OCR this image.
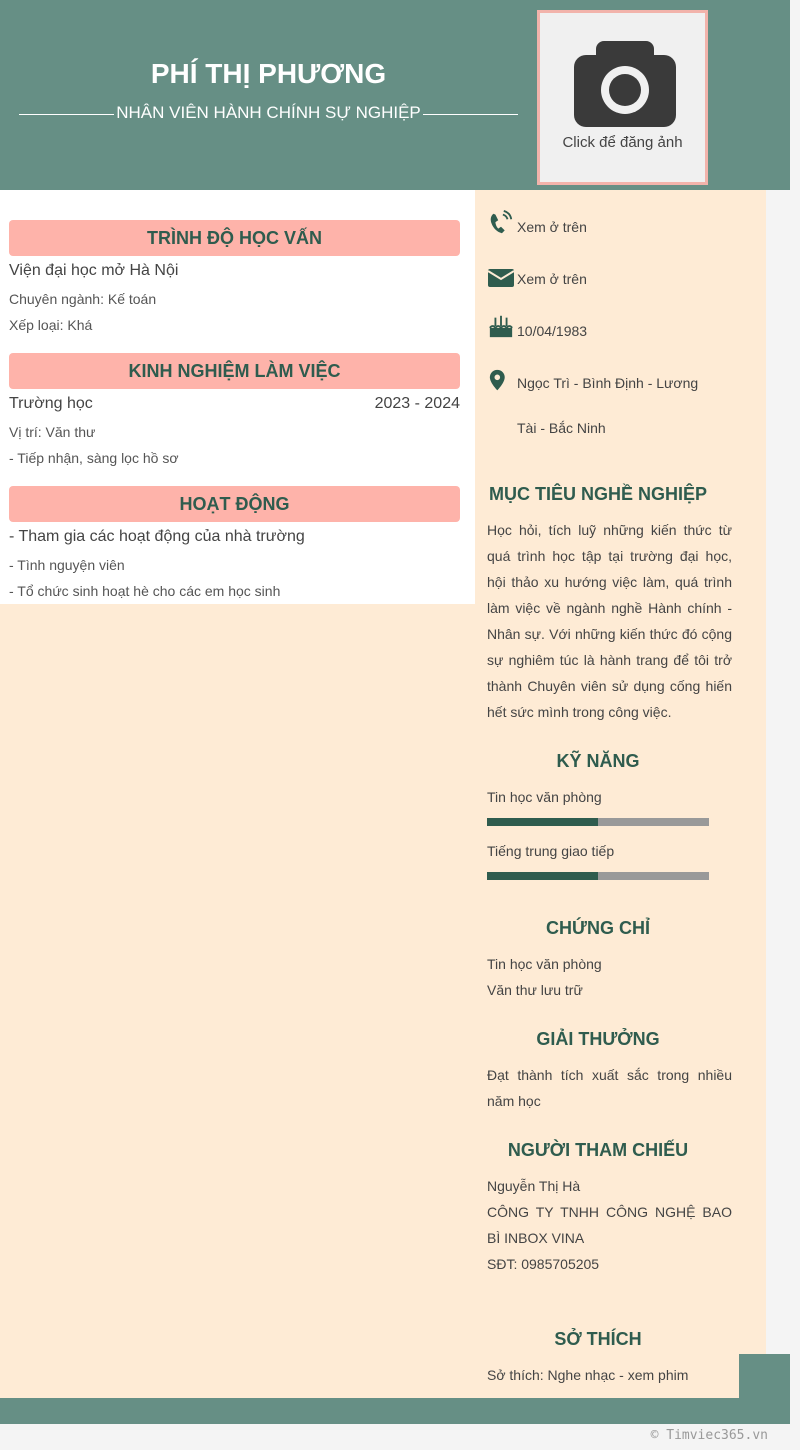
PHÍ THỊ PHƯƠNG
NHÂN VIÊN HÀNH CHÍNH SỰ NGHIỆP
Click để đăng ảnh
TRÌNH ĐỘ HỌC VẤN
Viện đại học mở Hà Nội
Chuyên ngành: Kế toán
Xếp loại: Khá
KINH NGHIỆM LÀM VIỆC
Trường học	2023 - 2024
Vị trí: Văn thư
- Tiếp nhận, sàng lọc hồ sơ
HOẠT ĐỘNG
- Tham gia các hoạt động của nhà trường
- Tình nguyện viên
- Tổ chức sinh hoạt hè cho các em học sinh
Xem ở trên
Xem ở trên
10/04/1983
Ngọc Trì - Bình Định - Lương
Tài - Bắc Ninh
MỤC TIÊU NGHỀ NGHIỆP
Học hỏi, tích luỹ những kiến thức từ quá trình học tập tại trường đại học, hội thảo xu hướng việc làm, quá trình làm việc về ngành nghề Hành chính - Nhân sự. Với những kiến thức đó cộng sự nghiêm túc là hành trang để tôi trở thành Chuyên viên sử dụng cống hiến hết sức mình trong công việc.
KỸ NĂNG
Tin học văn phòng
Tiếng trung giao tiếp
CHỨNG CHỈ
Tin học văn phòng
Văn thư lưu trữ
GIẢI THƯỞNG
Đạt thành tích xuất sắc trong nhiều năm học
NGƯỜI THAM CHIẾU
Nguyễn Thị Hà
CÔNG TY TNHH CÔNG NGHỆ BAO BÌ INBOX VINA
SĐT: 0985705205
SỞ THÍCH
Sở thích: Nghe nhạc - xem phim
© Timviec365.vn
